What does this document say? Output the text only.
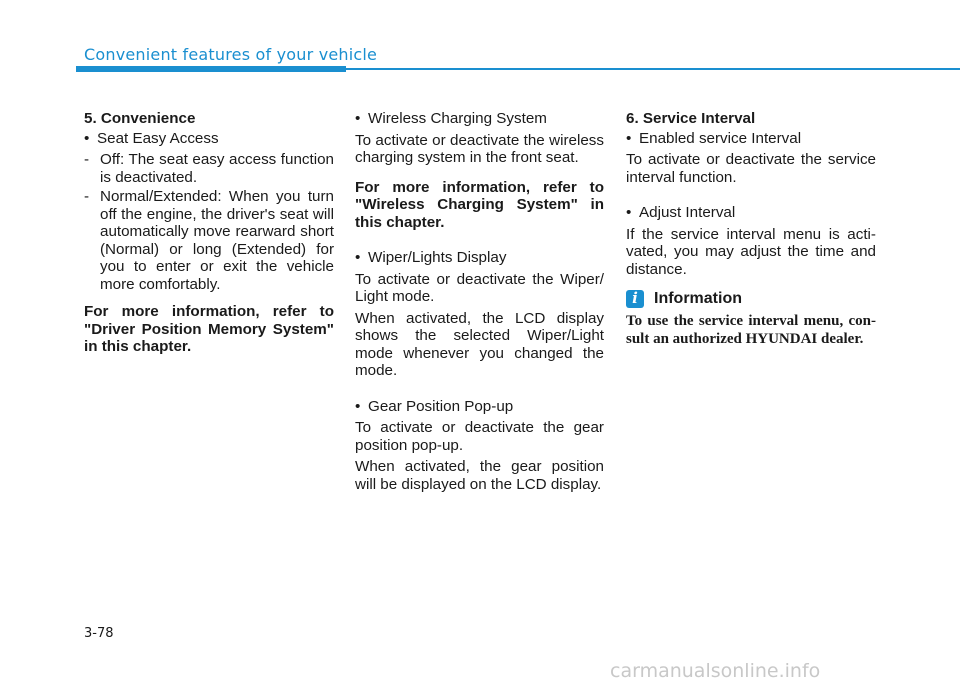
Convenient features of your vehicle
5. Convenience
• Seat Easy Access
- Off: The seat easy access function is deactivated.
- Normal/Extended: When you turn off the engine, the driver's seat will automatically move rearward short (Normal) or long (Extended) for you to enter or exit the vehicle more comfortably.
For more information, refer to "Driver Position Memory System" in this chapter.
• Wireless Charging System
To activate or deactivate the wireless charging system in the front seat.
For more information, refer to "Wireless Charging System" in this chapter.
• Wiper/Lights Display
To activate or deactivate the Wiper/ Light mode.
When activated, the LCD display shows the selected Wiper/Light mode whenever you changed the mode.
• Gear Position Pop-up
To activate or deactivate the gear position pop-up.
When activated, the gear position will be displayed on the LCD display.
6. Service Interval
• Enabled service Interval
To activate or deactivate the service interval function.
• Adjust Interval
If the service interval menu is acti- vated, you may adjust the time and distance.
i	Information
To use the service interval menu, con- sult an authorized HYUNDAI dealer.
3-78
carmanualsonline.info
